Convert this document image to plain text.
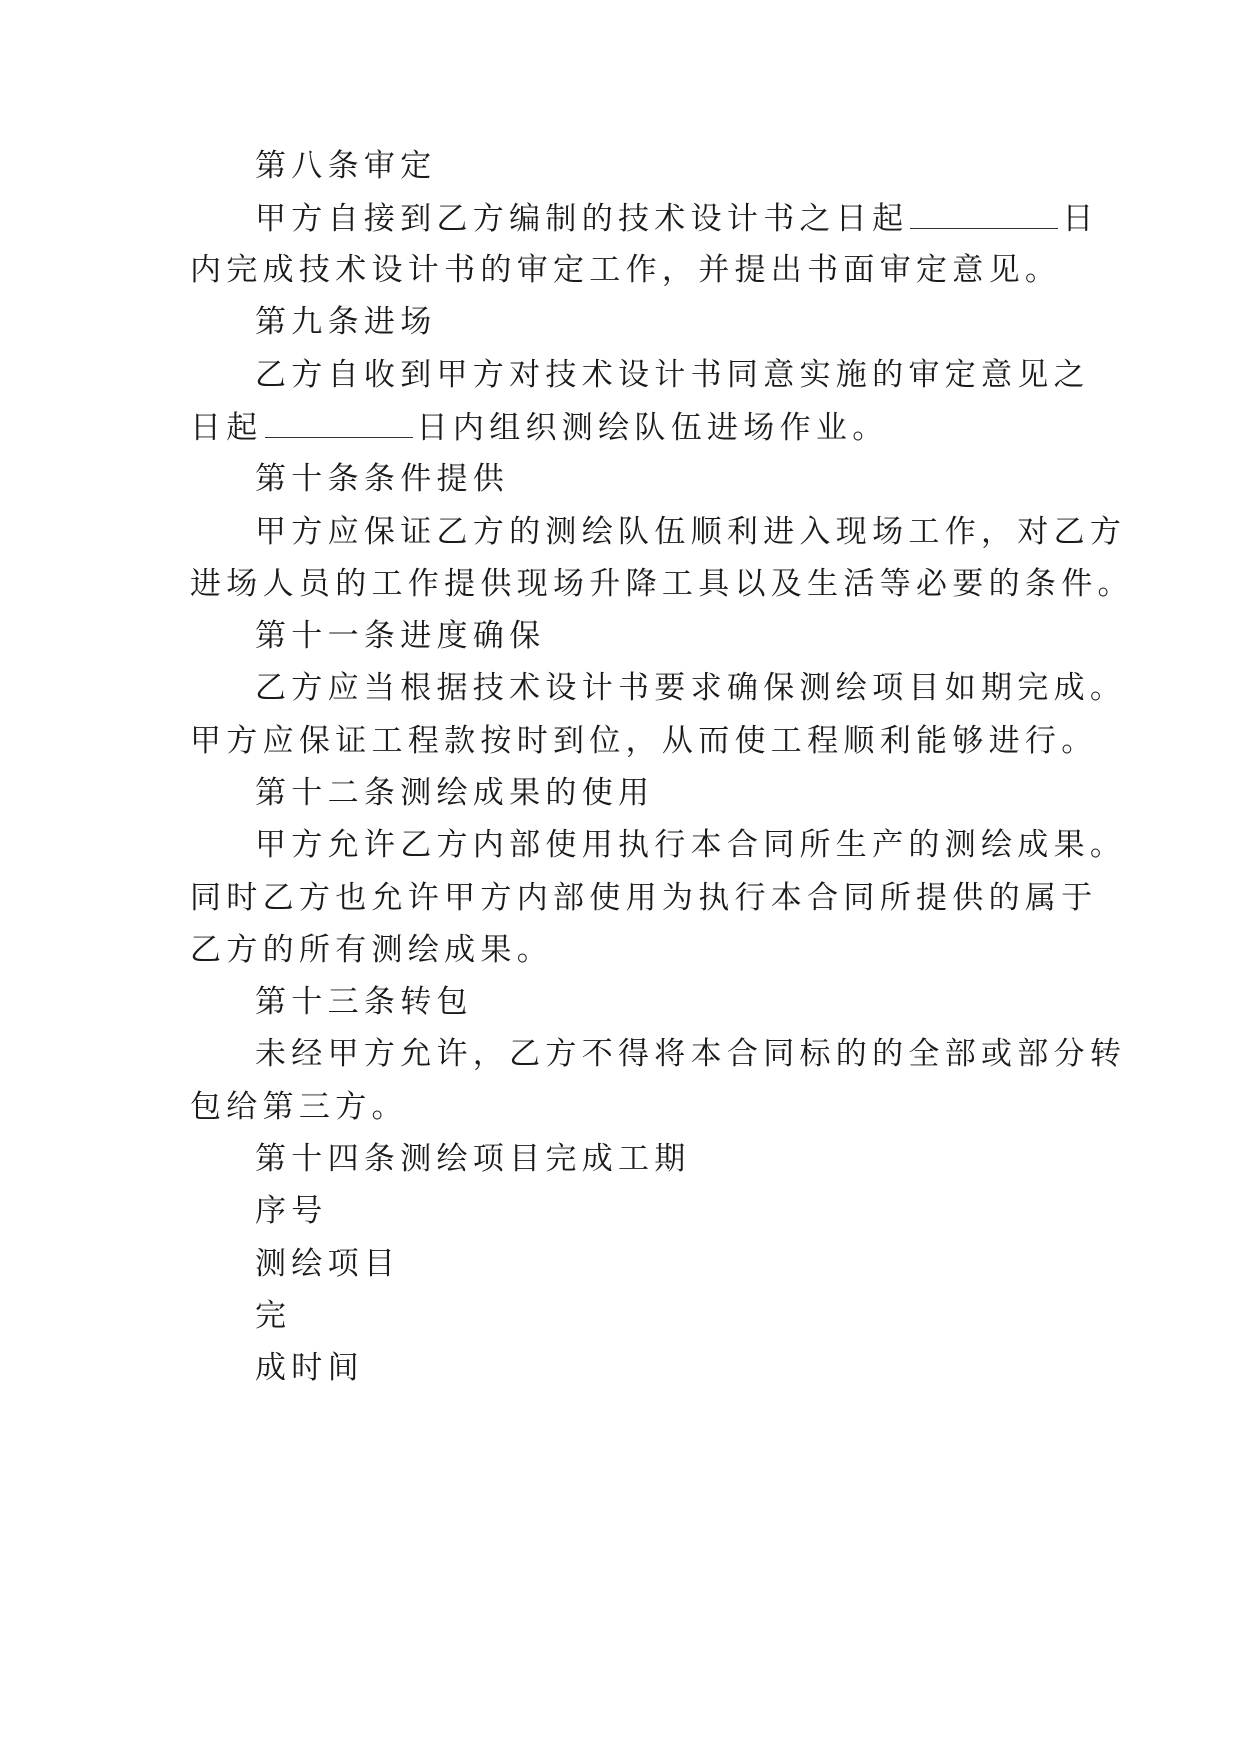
第八条审定
甲方自接到乙方编制的技术设计书之日起	日
内完成技术设计书的审定工作，并提出书面审定意见。
第九条进场
乙方自收到甲方对技术设计书同意实施的审定意见之
日起	日内组织测绘队伍进场作业。
第十条条件提供
甲方应保证乙方的测绘队伍顺利进入现场工作，对乙方
进场人员的工作提供现场升降工具以及生活等必要的条件。
第十一条进度确保
乙方应当根据技术设计书要求确保测绘项目如期完成。
甲方应保证工程款按时到位，从而使工程顺利能够进行。
第十二条测绘成果的使用
甲方允许乙方内部使用执行本合同所生产的测绘成果。
同时乙方也允许甲方内部使用为执行本合同所提供的属于
乙方的所有测绘成果。
第十三条转包
未经甲方允许，乙方不得将本合同标的的全部或部分转
包给第三方。
第十四条测绘项目完成工期
序号
测绘项目
完
成时间
